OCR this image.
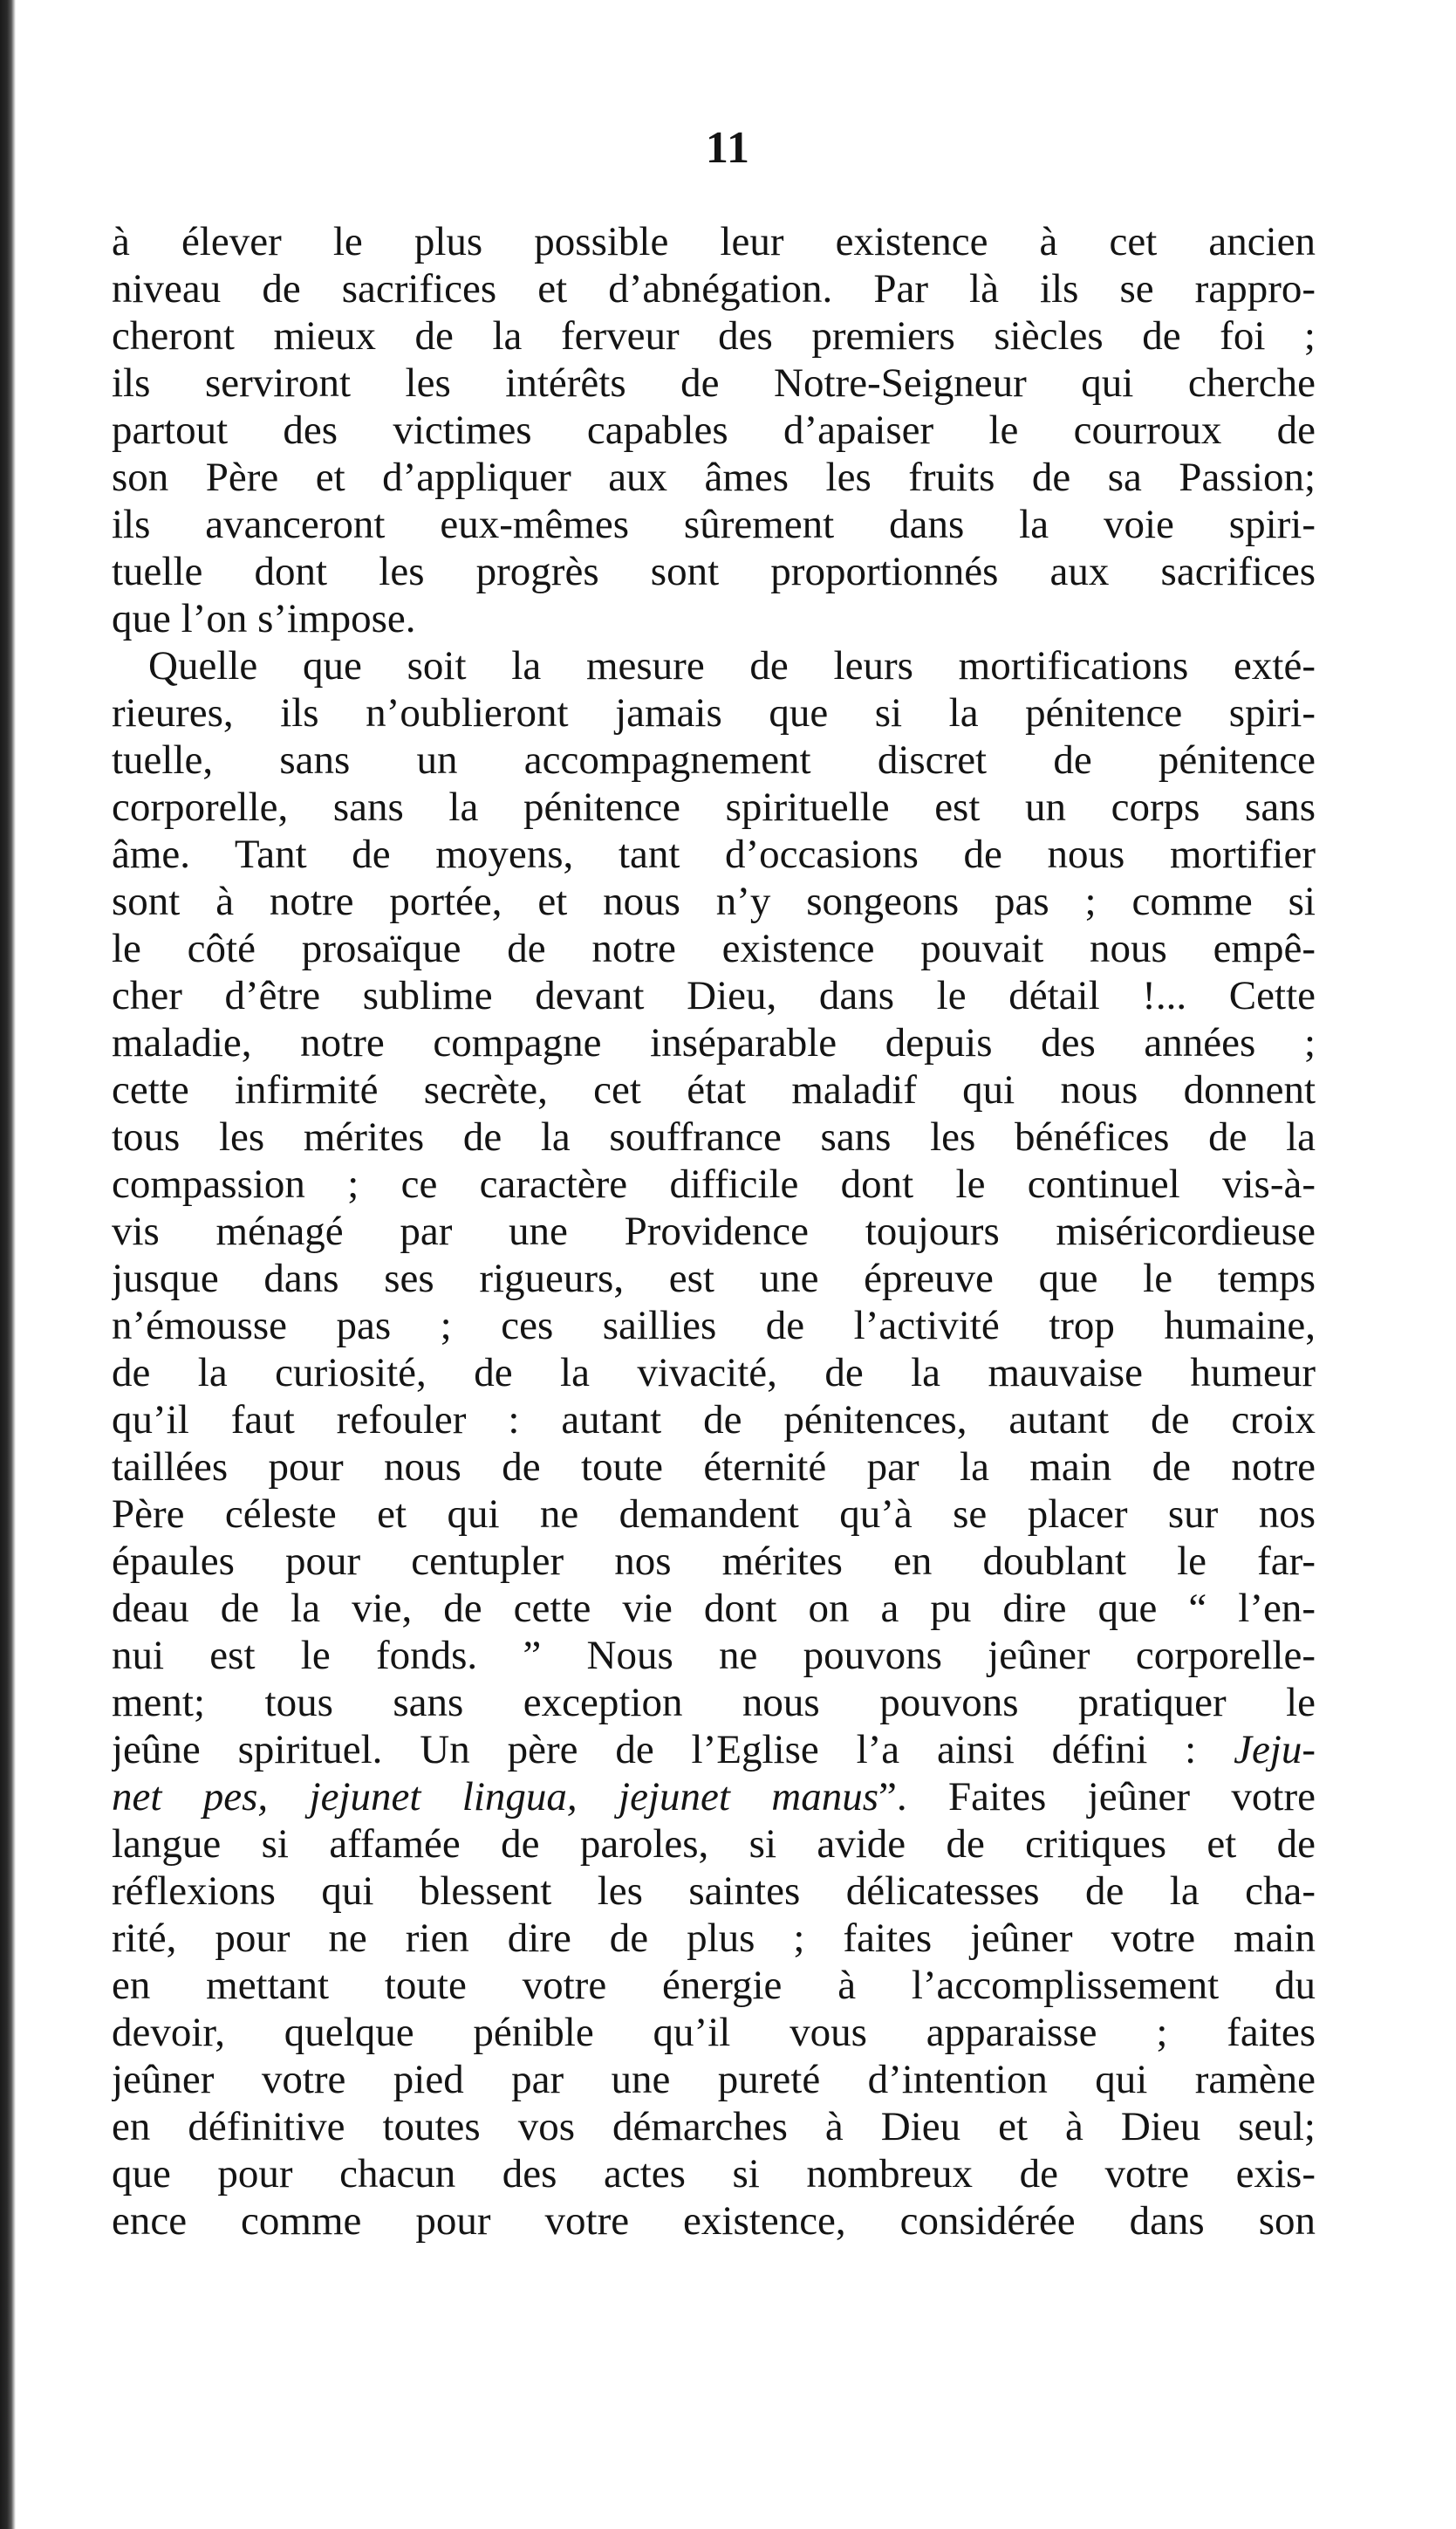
11

à élever le plus possible leur existence à cet ancien
niveau de sacrifices et d’abnégation. Par là ils se rappro-
cheront mieux de la ferveur des premiers siècles de foi ;
ils serviront les intérêts de Notre-Seigneur qui cherche
partout des victimes capables d’apaiser le courroux de
son Père et d’appliquer aux âmes les fruits de sa Passion;
ils avanceront eux-mêmes sûrement dans la voie spiri-
tuelle dont les progrès sont proportionnés aux sacrifices
que l’on s’impose.
Quelle que soit la mesure de leurs mortifications exté-
rieures, ils n’oublieront jamais que si la pénitence spiri-
tuelle, sans un accompagnement discret de pénitence
corporelle, sans la pénitence spirituelle est un corps sans
âme. Tant de moyens, tant d’occasions de nous mortifier
sont à notre portée, et nous n’y songeons pas ; comme si
le côté prosaïque de notre existence pouvait nous empê-
cher d’être sublime devant Dieu, dans le détail !... Cette
maladie, notre compagne inséparable depuis des années ;
cette infirmité secrète, cet état maladif qui nous donnent
tous les mérites de la souffrance sans les bénéfices de la
compassion ; ce caractère difficile dont le continuel vis-à-
vis ménagé par une Providence toujours miséricordieuse
jusque dans ses rigueurs, est une épreuve que le temps
n’émousse pas ; ces saillies de l’activité trop humaine,
de la curiosité, de la vivacité, de la mauvaise humeur
qu’il faut refouler : autant de pénitences, autant de croix
taillées pour nous de toute éternité par la main de notre
Père céleste et qui ne demandent qu’à se placer sur nos
épaules pour centupler nos mérites en doublant le far-
deau de la vie, de cette vie dont on a pu dire que “ l’en-
nui est le fonds. ” Nous ne pouvons jeûner corporelle-
ment; tous sans exception nous pouvons pratiquer le
jeûne spirituel. Un père de l’Eglise l’a ainsi défini : Jeju-
net pes, jejunet lingua, jejunet manus”. Faites jeûner votre
langue si affamée de paroles, si avide de critiques et de
réflexions qui blessent les saintes délicatesses de la cha-
rité, pour ne rien dire de plus ; faites jeûner votre main
en mettant toute votre énergie à l’accomplissement du
devoir, quelque pénible qu’il vous apparaisse ; faites
jeûner votre pied par une pureté d’intention qui ramène
en définitive toutes vos démarches à Dieu et à Dieu seul;
que pour chacun des actes si nombreux de votre exis-
ence comme pour votre existence, considérée dans son
